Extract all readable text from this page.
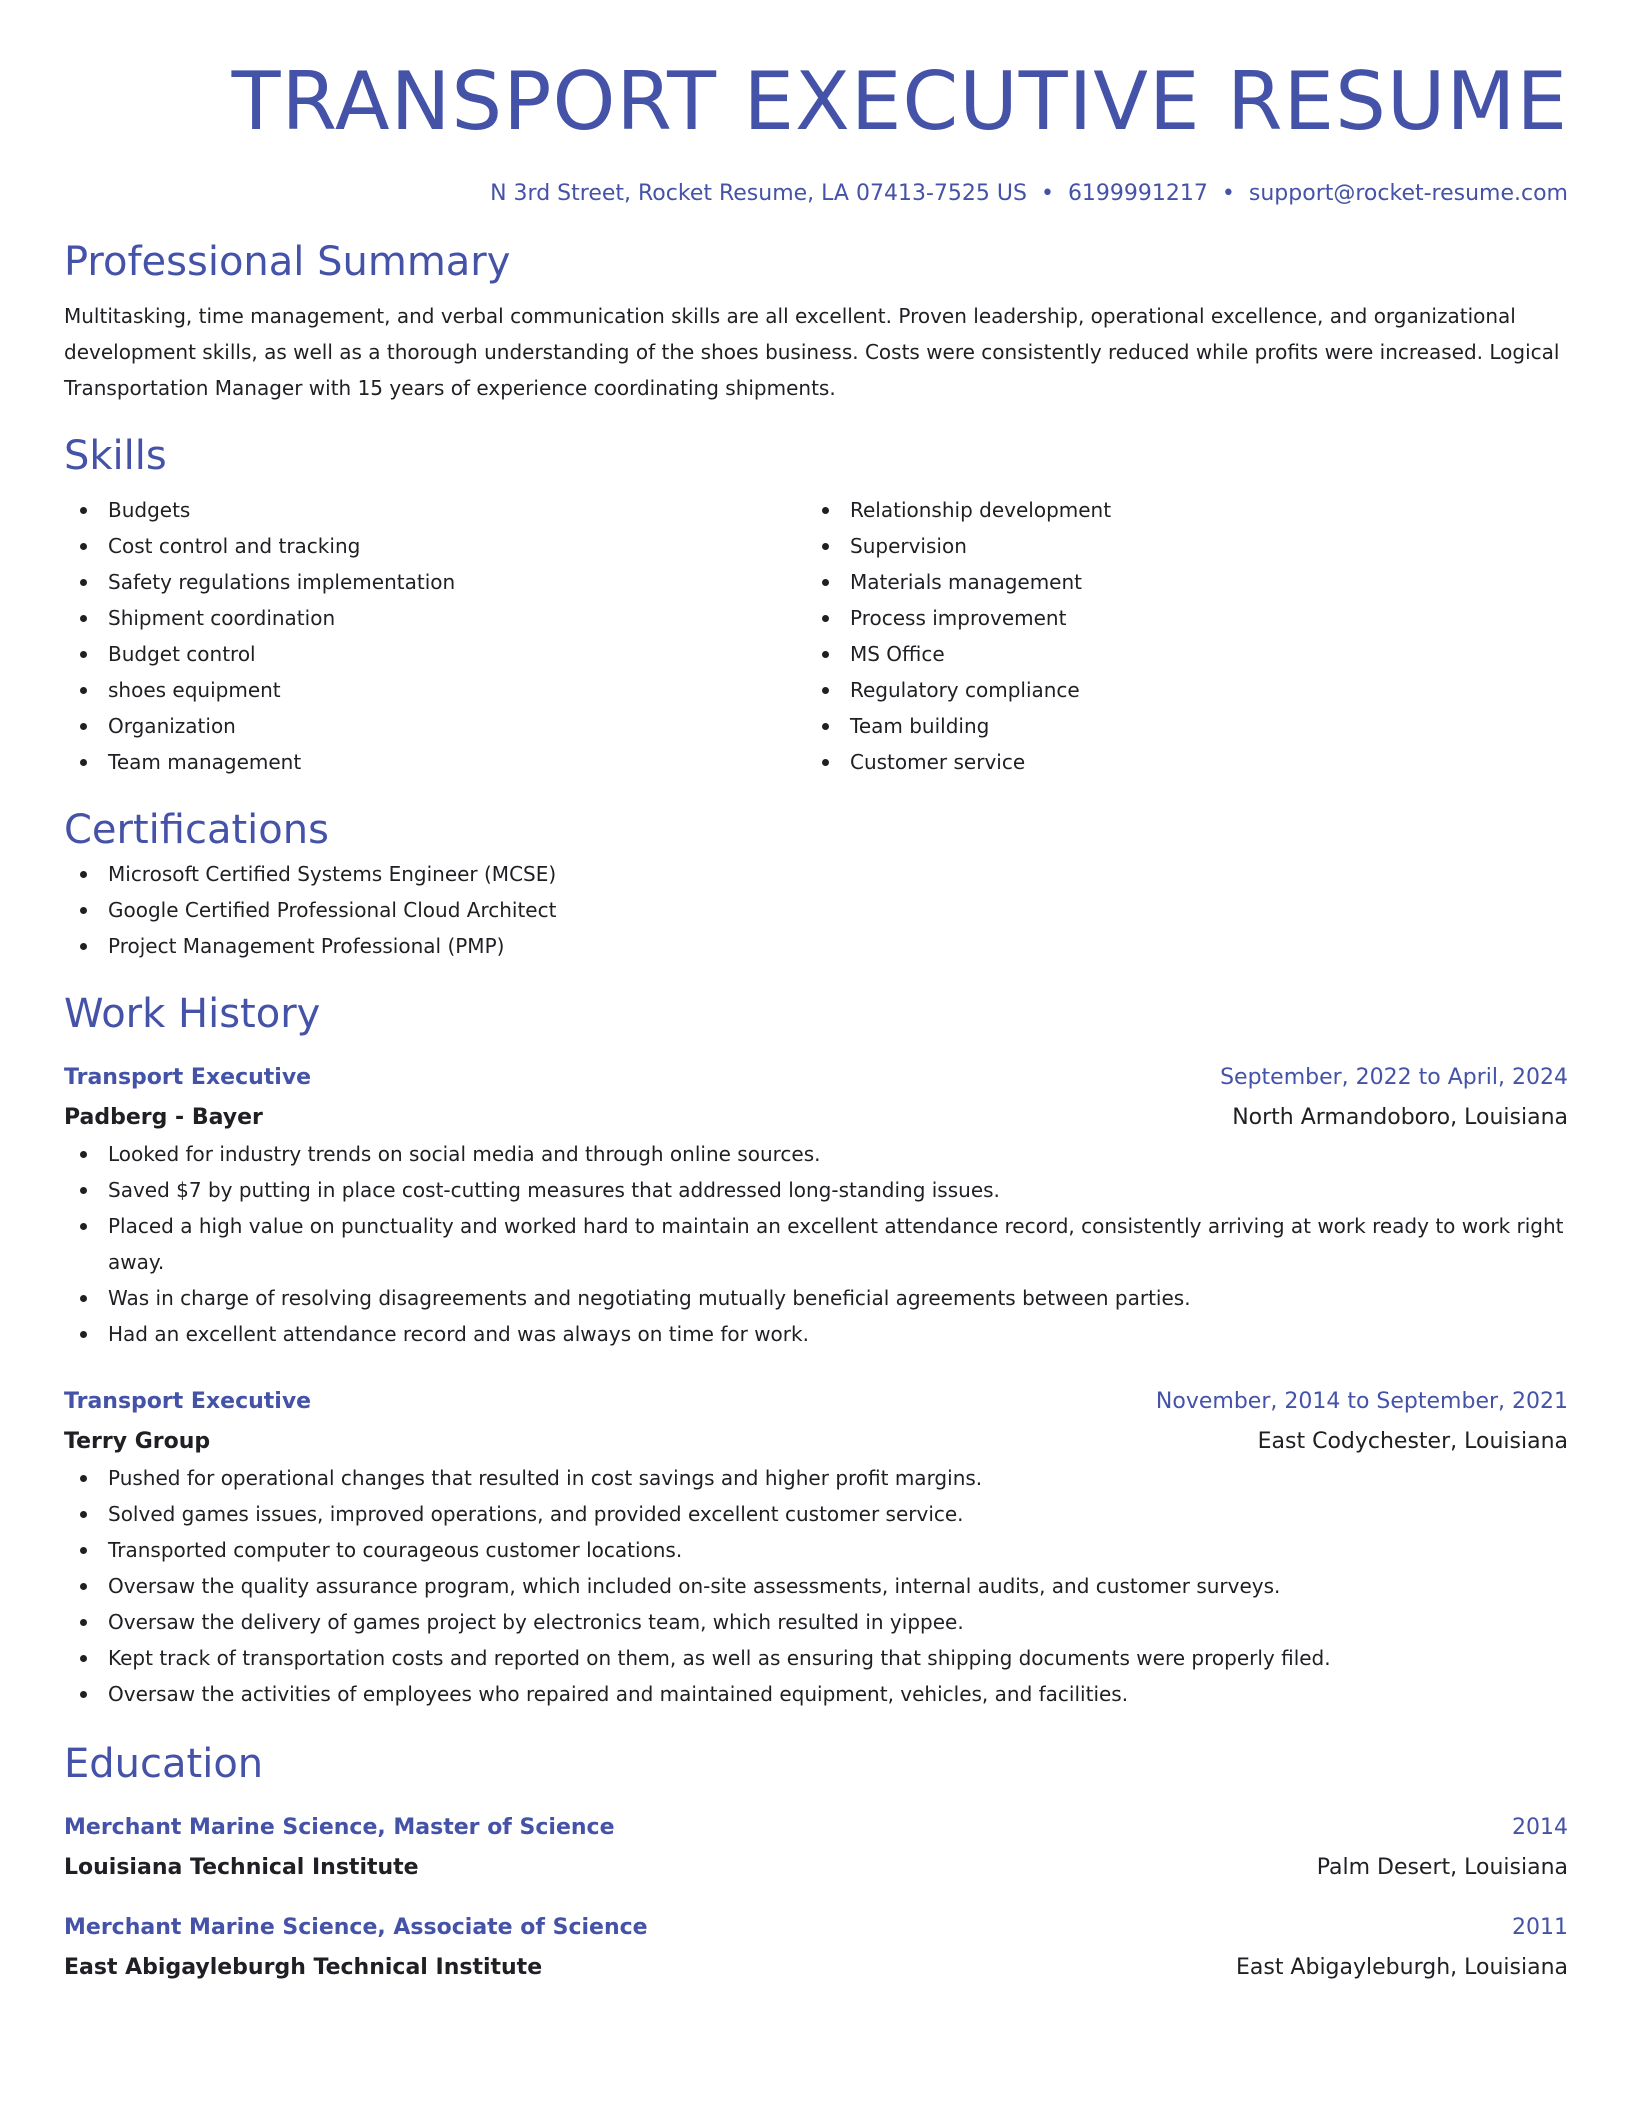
TRANSPORT EXECUTIVE RESUME
N 3rd Street, Rocket Resume, LA 07413-7525 US • 6199991217 • support@rocket-resume.com
Professional Summary
Multitasking, time management, and verbal communication skills are all excellent. Proven leadership, operational excellence, and organizational development skills, as well as a thorough understanding of the shoes business. Costs were consistently reduced while profits were increased. Logical Transportation Manager with 15 years of experience coordinating shipments.
Skills
Budgets
Cost control and tracking
Safety regulations implementation
Shipment coordination
Budget control
shoes equipment
Organization
Team management
Relationship development
Supervision
Materials management
Process improvement
MS Office
Regulatory compliance
Team building
Customer service
Certifications
Microsoft Certified Systems Engineer (MCSE)
Google Certified Professional Cloud Architect
Project Management Professional (PMP)
Work History
Transport Executive	September, 2022 to April, 2024
Padberg - Bayer	North Armandoboro, Louisiana
Looked for industry trends on social media and through online sources.
Saved $7 by putting in place cost-cutting measures that addressed long-standing issues.
Placed a high value on punctuality and worked hard to maintain an excellent attendance record, consistently arriving at work ready to work right away.
Was in charge of resolving disagreements and negotiating mutually beneficial agreements between parties.
Had an excellent attendance record and was always on time for work.
Transport Executive	November, 2014 to September, 2021
Terry Group	East Codychester, Louisiana
Pushed for operational changes that resulted in cost savings and higher profit margins.
Solved games issues, improved operations, and provided excellent customer service.
Transported computer to courageous customer locations.
Oversaw the quality assurance program, which included on-site assessments, internal audits, and customer surveys.
Oversaw the delivery of games project by electronics team, which resulted in yippee.
Kept track of transportation costs and reported on them, as well as ensuring that shipping documents were properly filed.
Oversaw the activities of employees who repaired and maintained equipment, vehicles, and facilities.
Education
Merchant Marine Science, Master of Science	2014
Louisiana Technical Institute	Palm Desert, Louisiana
Merchant Marine Science, Associate of Science	2011
East Abigayleburgh Technical Institute	East Abigayleburgh, Louisiana
